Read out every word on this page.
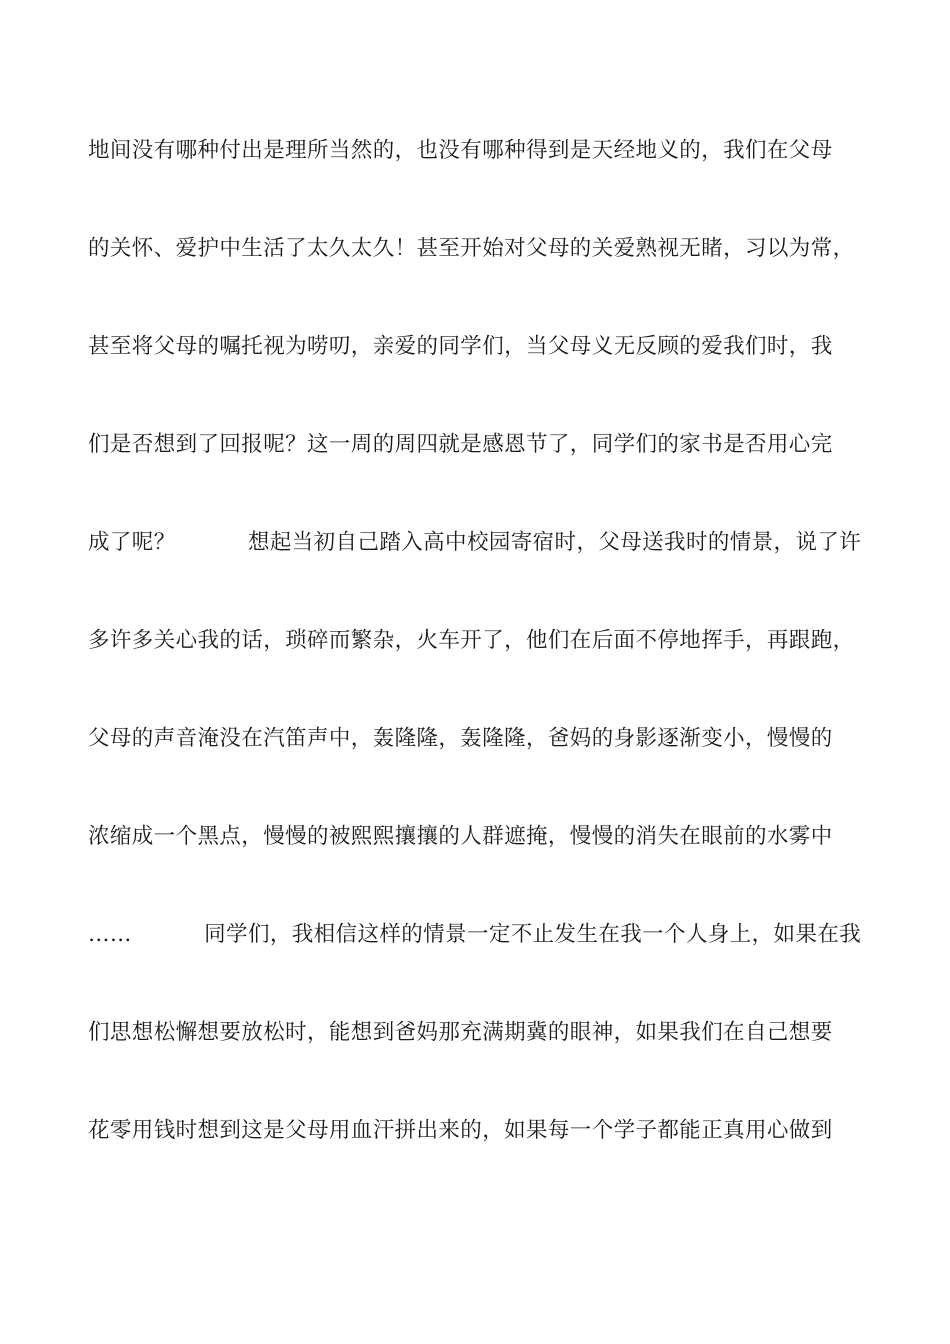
地间没有哪种付出是理所当然的，也没有哪种得到是天经地义的，我们在父母
的关怀、爱护中生活了太久太久！甚至开始对父母的关爱熟视无睹，习以为常，
甚至将父母的嘱托视为唠叨，亲爱的同学们，当父母义无反顾的爱我们时，我
们是否想到了回报呢？这一周的周四就是感恩节了，同学们的家书是否用心完
成了呢？          想起当初自己踏入高中校园寄宿时，父母送我时的情景，说了许
多许多关心我的话，琐碎而繁杂，火车开了，他们在后面不停地挥手，再跟跑，
父母的声音淹没在汽笛声中，轰隆隆，轰隆隆，爸妈的身影逐渐变小，慢慢的
浓缩成一个黑点，慢慢的被熙熙攘攘的人群遮掩，慢慢的消失在眼前的水雾中
……          同学们，我相信这样的情景一定不止发生在我一个人身上，如果在我
们思想松懈想要放松时，能想到爸妈那充满期冀的眼神，如果我们在自己想要
花零用钱时想到这是父母用血汗拼出来的，如果每一个学子都能正真用心做到
